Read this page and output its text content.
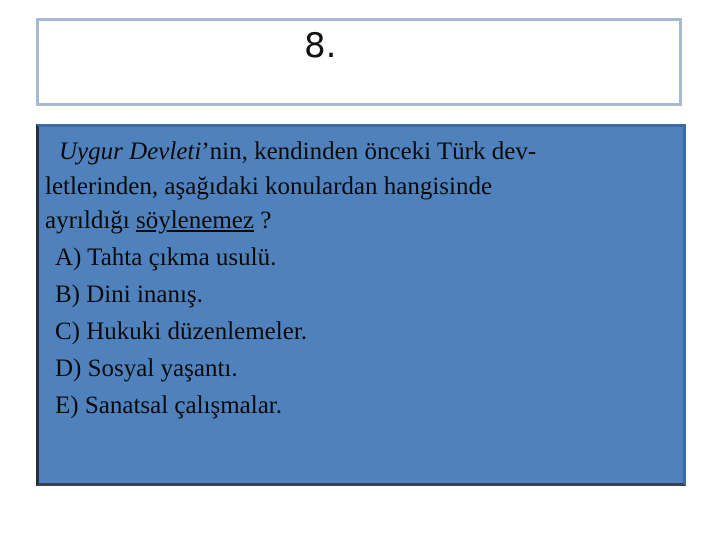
8.
Uygur Devleti’nin, kendinden önceki Türk dev-
letlerinden, aşağıdaki konulardan hangisinde
ayrıldığı söylenemez ?
A) Tahta çıkma usulü.
B) Dini inanış.
C) Hukuki düzenlemeler.
D) Sosyal yaşantı.
E) Sanatsal çalışmalar.
